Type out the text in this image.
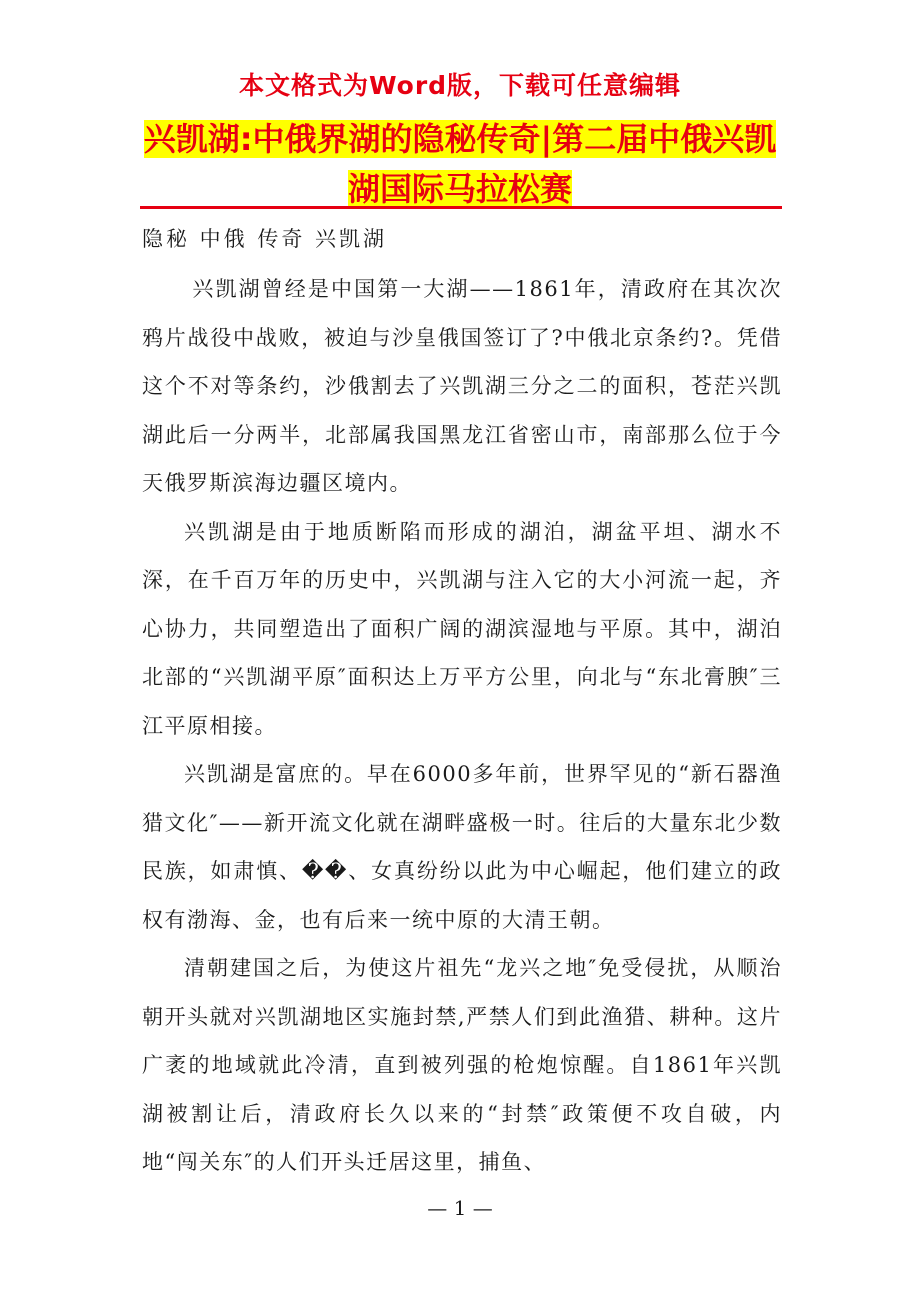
本文格式为Word版，下载可任意编辑
兴凯湖:中俄界湖的隐秘传奇|第二届中俄兴凯湖国际马拉松赛
隐秘 中俄 传奇 兴凯湖

兴凯湖曾经是中国第一大湖——1861年，清政府在其次次鸦片战役中战败，被迫与沙皇俄国签订了?中俄北京条约?。凭借这个不对等条约，沙俄割去了兴凯湖三分之二的面积，苍茫兴凯湖此后一分两半，北部属我国黑龙江省密山市，南部那么位于今天俄罗斯滨海边疆区境内。

兴凯湖是由于地质断陷而形成的湖泊，湖盆平坦、湖水不深，在千百万年的历史中，兴凯湖与注入它的大小河流一起，齐心协力，共同塑造出了面积广阔的湖滨湿地与平原。其中，湖泊北部的“兴凯湖平原″面积达上万平方公里，向北与“东北膏腴″三江平原相接。

兴凯湖是富庶的。早在6000多年前，世界罕见的“新石器渔猎文化″——新开流文化就在湖畔盛极一时。往后的大量东北少数民族，如肃慎、��、女真纷纷以此为中心崛起，他们建立的政权有渤海、金，也有后来一统中原的大清王朝。

清朝建国之后，为使这片祖先“龙兴之地″免受侵扰，从顺治朝开头就对兴凯湖地区实施封禁,严禁人们到此渔猎、耕种。这片广袤的地域就此冷清，直到被列强的枪炮惊醒。自1861年兴凯湖被割让后，清政府长久以来的“封禁″政策便不攻自破，内地“闯关东″的人们开头迁居这里，捕鱼、

— 1 —
